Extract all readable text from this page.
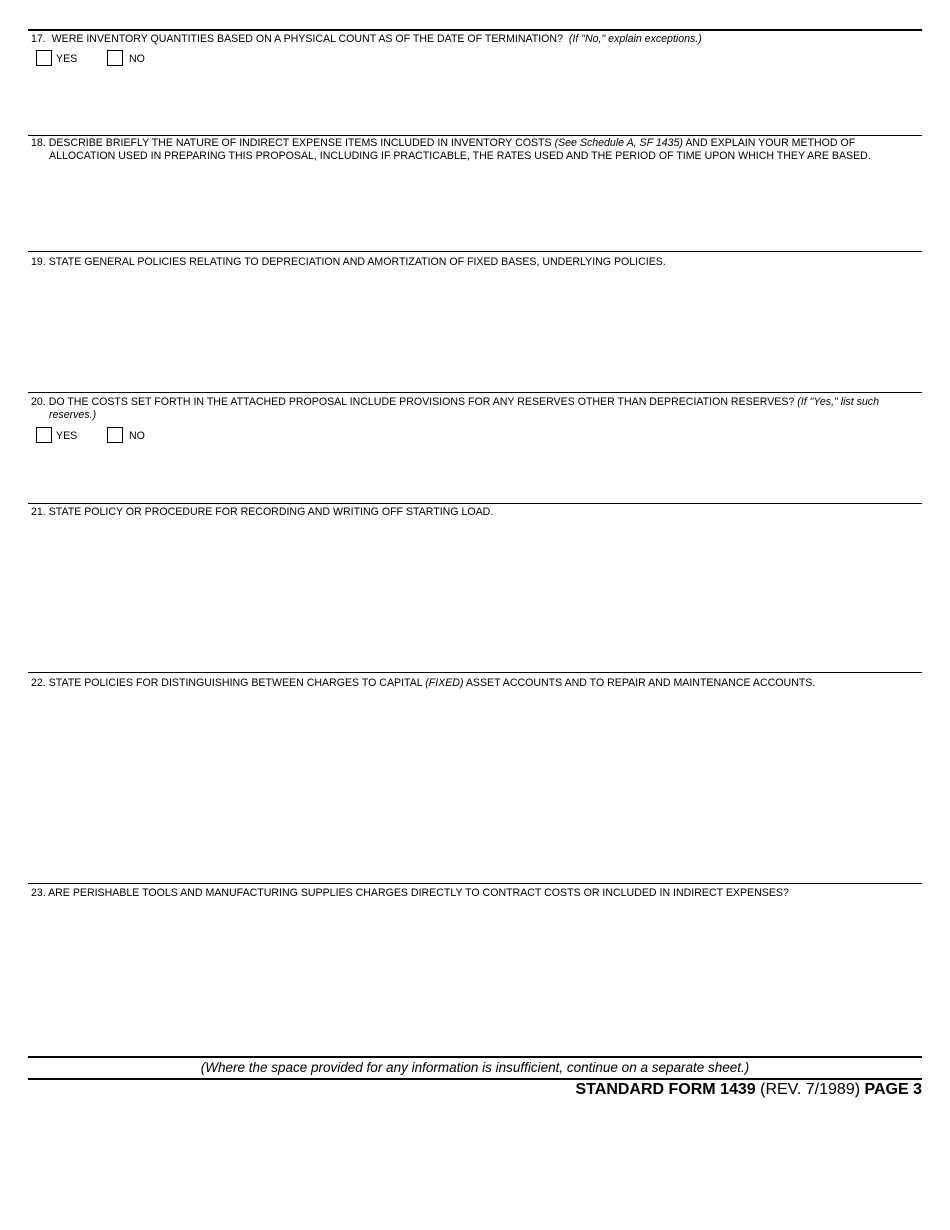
17. WERE INVENTORY QUANTITIES BASED ON A PHYSICAL COUNT AS OF THE DATE OF TERMINATION? (If "No," explain exceptions.)
YES	NO
18. DESCRIBE BRIEFLY THE NATURE OF INDIRECT EXPENSE ITEMS INCLUDED IN INVENTORY COSTS (See Schedule A, SF 1435) AND EXPLAIN YOUR METHOD OF ALLOCATION USED IN PREPARING THIS PROPOSAL, INCLUDING IF PRACTICABLE, THE RATES USED AND THE PERIOD OF TIME UPON WHICH THEY ARE BASED.
19. STATE GENERAL POLICIES RELATING TO DEPRECIATION AND AMORTIZATION OF FIXED BASES, UNDERLYING POLICIES.
20. DO THE COSTS SET FORTH IN THE ATTACHED PROPOSAL INCLUDE PROVISIONS FOR ANY RESERVES OTHER THAN DEPRECIATION RESERVES? (If "Yes," list such reserves.)
YES	NO
21. STATE POLICY OR PROCEDURE FOR RECORDING AND WRITING OFF STARTING LOAD.
22. STATE POLICIES FOR DISTINGUISHING BETWEEN CHARGES TO CAPITAL (FIXED) ASSET ACCOUNTS AND TO REPAIR AND MAINTENANCE ACCOUNTS.
23. ARE PERISHABLE TOOLS AND MANUFACTURING SUPPLIES CHARGES DIRECTLY TO CONTRACT COSTS OR INCLUDED IN INDIRECT EXPENSES?
(Where the space provided for any information is insufficient, continue on a separate sheet.)
STANDARD FORM 1439 (REV. 7/1989) PAGE 3
